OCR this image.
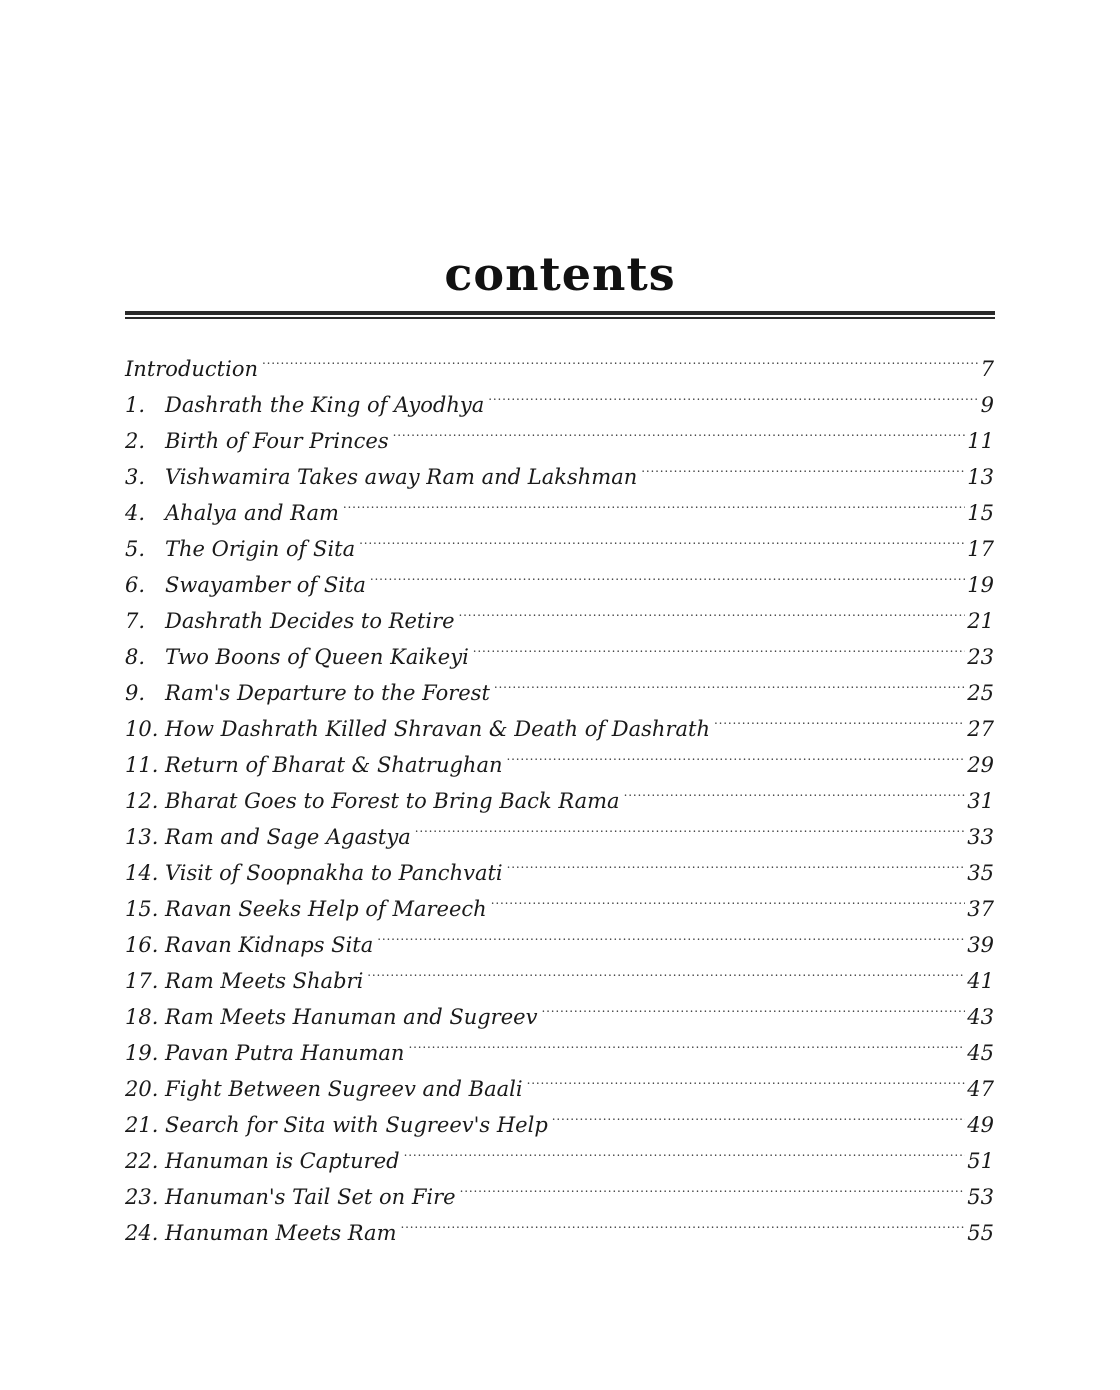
contents
Introduction . . .	7
1. Dashrath the King of Ayodhya . . .	9
2. Birth of Four Princes . . .	11
3. Vishwamira Takes away Ram and Lakshman . . .	13
4. Ahalya and Ram . . .	15
5. The Origin of Sita . . .	17
6. Swayamber of Sita . . .	19
7. Dashrath Decides to Retire . . .	21
8. Two Boons of Queen Kaikeyi . . .	23
9. Ram's Departure to the Forest . . .	25
10. How Dashrath Killed Shravan & Death of Dashrath . . .	27
11. Return of Bharat & Shatrughan . . .	29
12. Bharat Goes to Forest to Bring Back Rama . . .	31
13. Ram and Sage Agastya . . .	33
14. Visit of Soopnakha to Panchvati . . .	35
15. Ravan Seeks Help of Mareech . . .	37
16. Ravan Kidnaps Sita . . .	39
17. Ram Meets Shabri . . .	41
18. Ram Meets Hanuman and Sugreev . . .	43
19. Pavan Putra Hanuman . . .	45
20. Fight Between Sugreev and Baali . . .	47
21. Search for Sita with Sugreev's Help . . .	49
22. Hanuman is Captured . . .	51
23. Hanuman's Tail Set on Fire . . .	53
24. Hanuman Meets Ram . . .	55
